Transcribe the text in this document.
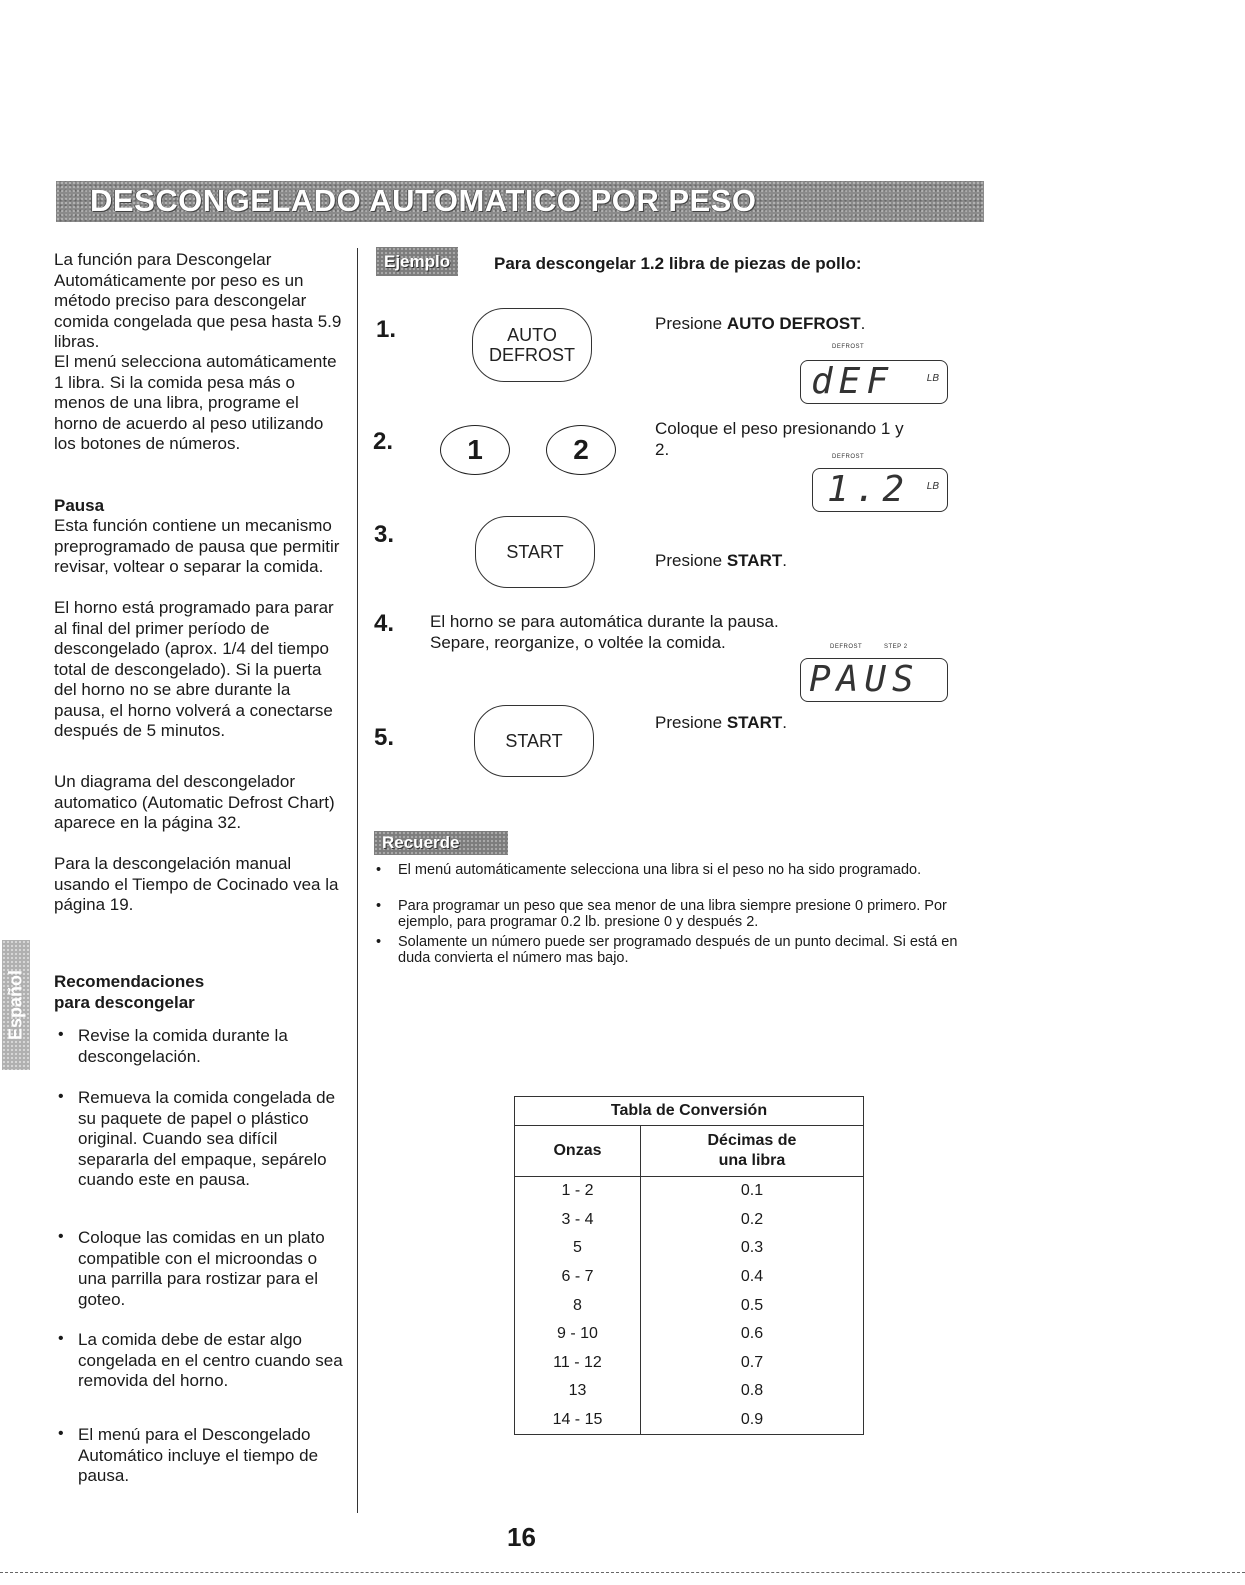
DESCONGELADO AUTOMATICO POR PESO
Español

La función para Descongelar Automáticamente por peso es un método preciso para descongelar comida congelada que pesa hasta 5.9 libras.

El menú selecciona automáticamente 1 libra. Si la comida pesa más o menos de una libra, programe el horno de acuerdo al peso utilizando los botones de números.

Pausa

Esta función contiene un mecanismo preprogramado de pausa que permitir revisar, voltear o separar la comida.

El horno está programado para parar al final del primer período de descongelado (aprox. 1/4 del tiempo total de descongelado). Si la puerta del horno no se abre durante la pausa, el horno volverá a conectarse después de 5 minutos.

Un diagrama del descongelador automatico (Automatic Defrost Chart) aparece en la página 32.

Para la descongelación manual usando el Tiempo de Cocinado vea la página 19.

Recomendaciones

para descongelar

• Revise la comida durante la descongelación.
• Remueva la comida congelada de su paquete de papel o plástico original. Cuando sea difícil separarla del empaque, sepárelo cuando este en pausa.
• Coloque las comidas en un plato compatible con el microondas o una parrilla para rostizar para el goteo.
• La comida debe de estar algo congelada en el centro cuando sea removida del horno.
• El menú para el Descongelado Automático incluye el tiempo de pausa.
Ejemplo	Para descongelar 1.2 libra de piezas de pollo:
1.	AUTO
DEFROST
Presione AUTO DEFROST.
DEFROST
dEF	LB
2.	1	2
Coloque el peso presionando 1 y 2.	DEFROST
1.2 LB
3.
START	Presione START.
4. El horno se para automática durante la pausa.
Separe, reorganize, o voltée la comida.	DEFROST	STEP 2
PAUS
5.	START
Presione START.
Recuerde
•	El menú automáticamente selecciona una libra si el peso no ha sido programado.
•	Para programar un peso que sea menor de una libra siempre presione 0 primero. Por ejemplo, para programar 0.2 lb. presione 0 y después 2.
•	Solamente un número puede ser programado después de un punto decimal. Si está en duda convierta el número mas bajo.
Tabla de Conversión	
Onzas	Décimas de
una libra
1 - 2	0.1
3 - 4	0.2
5	0.3
6 - 7	0.4
8	0.5
9 - 10	0.6
11 - 12	0.7
13	0.8
14 - 15	0.9
16
